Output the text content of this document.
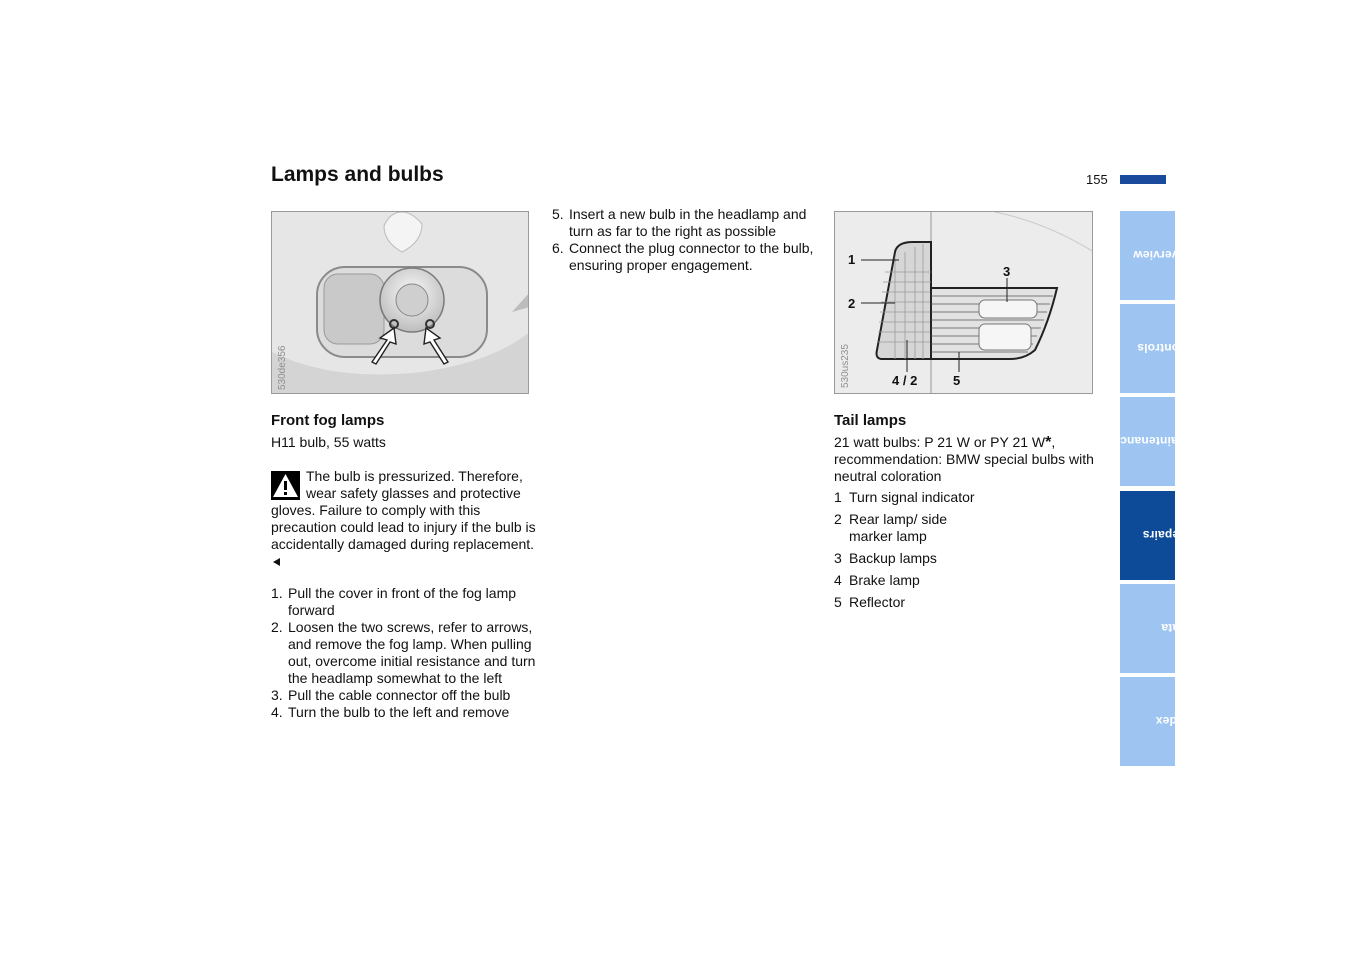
Lamps and bulbs	155
530de356
Front fog lamps
H11 bulb, 55 watts
The bulb is pressurized. Therefore, wear safety glasses and protective gloves. Failure to comply with this precaution could lead to injury if the bulb is accidentally damaged during replacement.
1. Pull the cover in front of the fog lamp forward
2. Loosen the two screws, refer to arrows, and remove the fog lamp. When pulling out, overcome initial resistance and turn the headlamp somewhat to the left
3. Pull the cable connector off the bulb
4. Turn the bulb to the left and remove
5. Insert a new bulb in the headlamp and turn as far to the right as possible
6. Connect the plug connector to the bulb, ensuring proper engagement.	1
2
3
4 / 2	5
530us235
Tail lamps
21 watt bulbs: P 21 W or PY 21 W*, recommendation: BMW special bulbs with neutral coloration
1 Turn signal indicator
2 Rear lamp/ side marker lamp
3 Backup lamps
4 Brake lamp
5 Reflector
Overview
Controls
Maintenance
Repairs
Data
Index
